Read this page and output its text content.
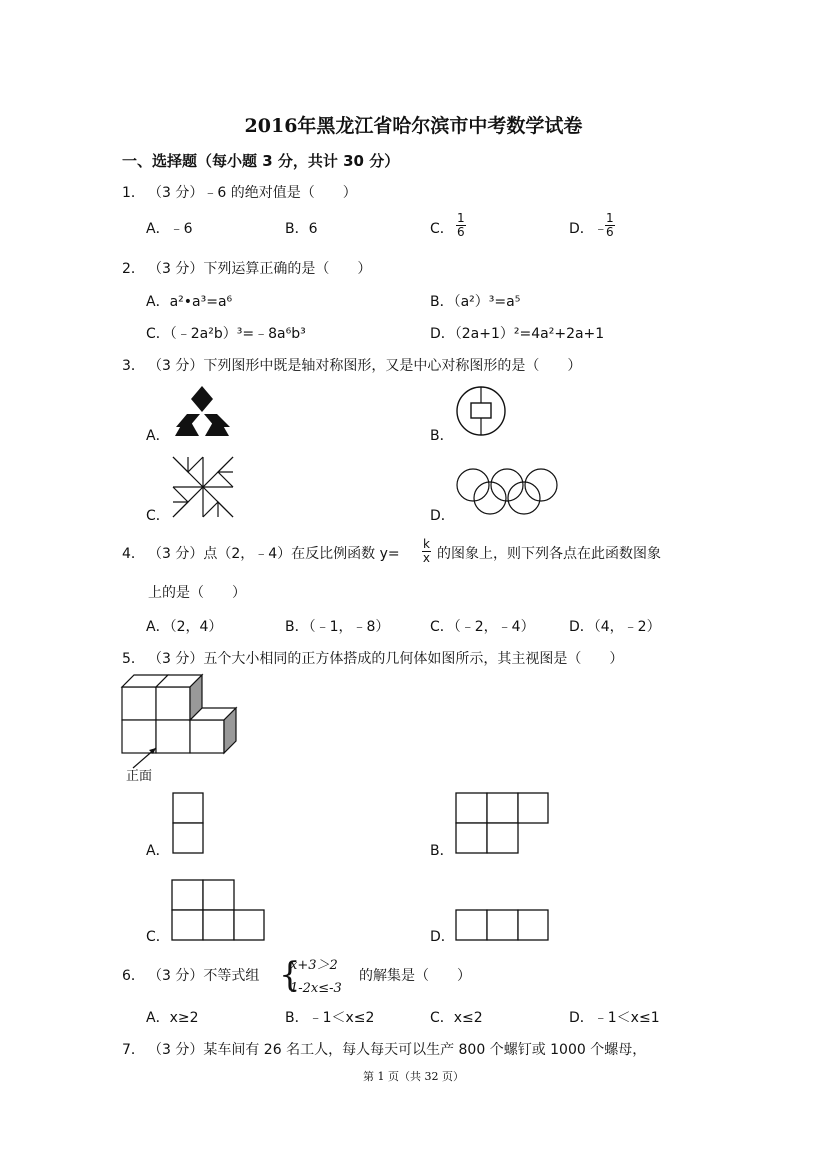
2016年黑龙江省哈尔滨市中考数学试卷
一、选择题（每小题 3 分，共计 30 分）
1． （3 分）﹣6 的绝对值是（　　）
A．﹣6	B．6	C． $\frac{1}{6}$	D．﹣
$\frac{1}{6}$
2． （3 分）下列运算正确的是（　　）
A．a²•a³=a⁶	B．（a²）³=a⁵
C．（﹣2a²b）³=﹣8a⁶b³	D．（2a+1）²=4a²+2a+1
3． （3 分）下列图形中既是轴对称图形，又是中心对称图形的是（　　）
A．	B．
C．	D．
4． （3 分）点（2，﹣4）在反比例函数 $y= \frac{k}{x}$ 的图象上，则下列各点在此函数图象
上的是（　　）
A．（2，4）	B．（﹣1，﹣8）	C．（﹣2，﹣4） D．（4，﹣2）
5． （3 分）五个大小相同的正方体搭成的几何体如图所示，其主视图是（　　）
正面
A．	B．
C．	D．
6． （3 分）不等式组 {
x+3＞2
1-2x≤-3
的解集是（　　）
A．x≥2	B．﹣1＜x≤2	C．x≤2	D．﹣1＜x≤1
7． （3 分）某车间有 26 名工人，每人每天可以生产 800 个螺钉或 1000 个螺母，
第 1 页（共 32 页）
